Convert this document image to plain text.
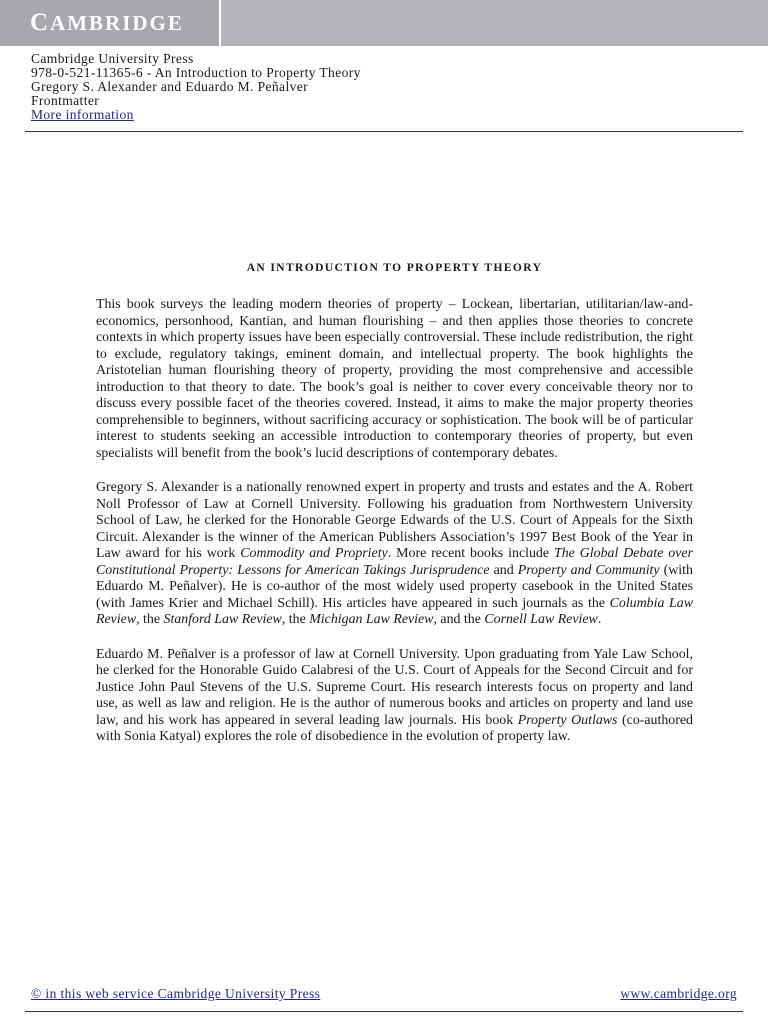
CAMBRIDGE
Cambridge University Press
978-0-521-11365-6 - An Introduction to Property Theory
Gregory S. Alexander and Eduardo M. Peñalver
Frontmatter
More information
AN INTRODUCTION TO PROPERTY THEORY

This book surveys the leading modern theories of property – Lockean, libertarian, utilitarian/law-and-economics, personhood, Kantian, and human flourishing – and then applies those theories to concrete contexts in which property issues have been especially controversial. These include redistribution, the right to exclude, regulatory takings, eminent domain, and intellectual property. The book highlights the Aristotelian human flourishing theory of property, providing the most comprehensive and accessible introduction to that theory to date. The book’s goal is neither to cover every conceivable theory nor to discuss every possible facet of the theories covered. Instead, it aims to make the major property theories comprehensible to beginners, without sacrificing accuracy or sophistication. The book will be of particular interest to students seeking an accessible introduction to contemporary theories of property, but even specialists will benefit from the book’s lucid descriptions of contemporary debates.

Gregory S. Alexander is a nationally renowned expert in property and trusts and estates and the A. Robert Noll Professor of Law at Cornell University. Following his graduation from Northwestern University School of Law, he clerked for the Honorable George Edwards of the U.S. Court of Appeals for the Sixth Circuit. Alexander is the winner of the American Publishers Association’s 1997 Best Book of the Year in Law award for his work Commodity and Propriety. More recent books include The Global Debate over Constitutional Property: Lessons for American Takings Jurisprudence and Property and Community (with Eduardo M. Peñalver). He is co-author of the most widely used property casebook in the United States (with James Krier and Michael Schill). His articles have appeared in such journals as the Columbia Law Review, the Stanford Law Review, the Michigan Law Review, and the Cornell Law Review.

Eduardo M. Peñalver is a professor of law at Cornell University. Upon graduating from Yale Law School, he clerked for the Honorable Guido Calabresi of the U.S. Court of Appeals for the Second Circuit and for Justice John Paul Stevens of the U.S. Supreme Court. His research interests focus on property and land use, as well as law and religion. He is the author of numerous books and articles on property and land use law, and his work has appeared in several leading law journals. His book Property Outlaws (co-authored with Sonia Katyal) explores the role of disobedience in the evolution of property law.

© in this web service Cambridge University Press	www.cambridge.org
